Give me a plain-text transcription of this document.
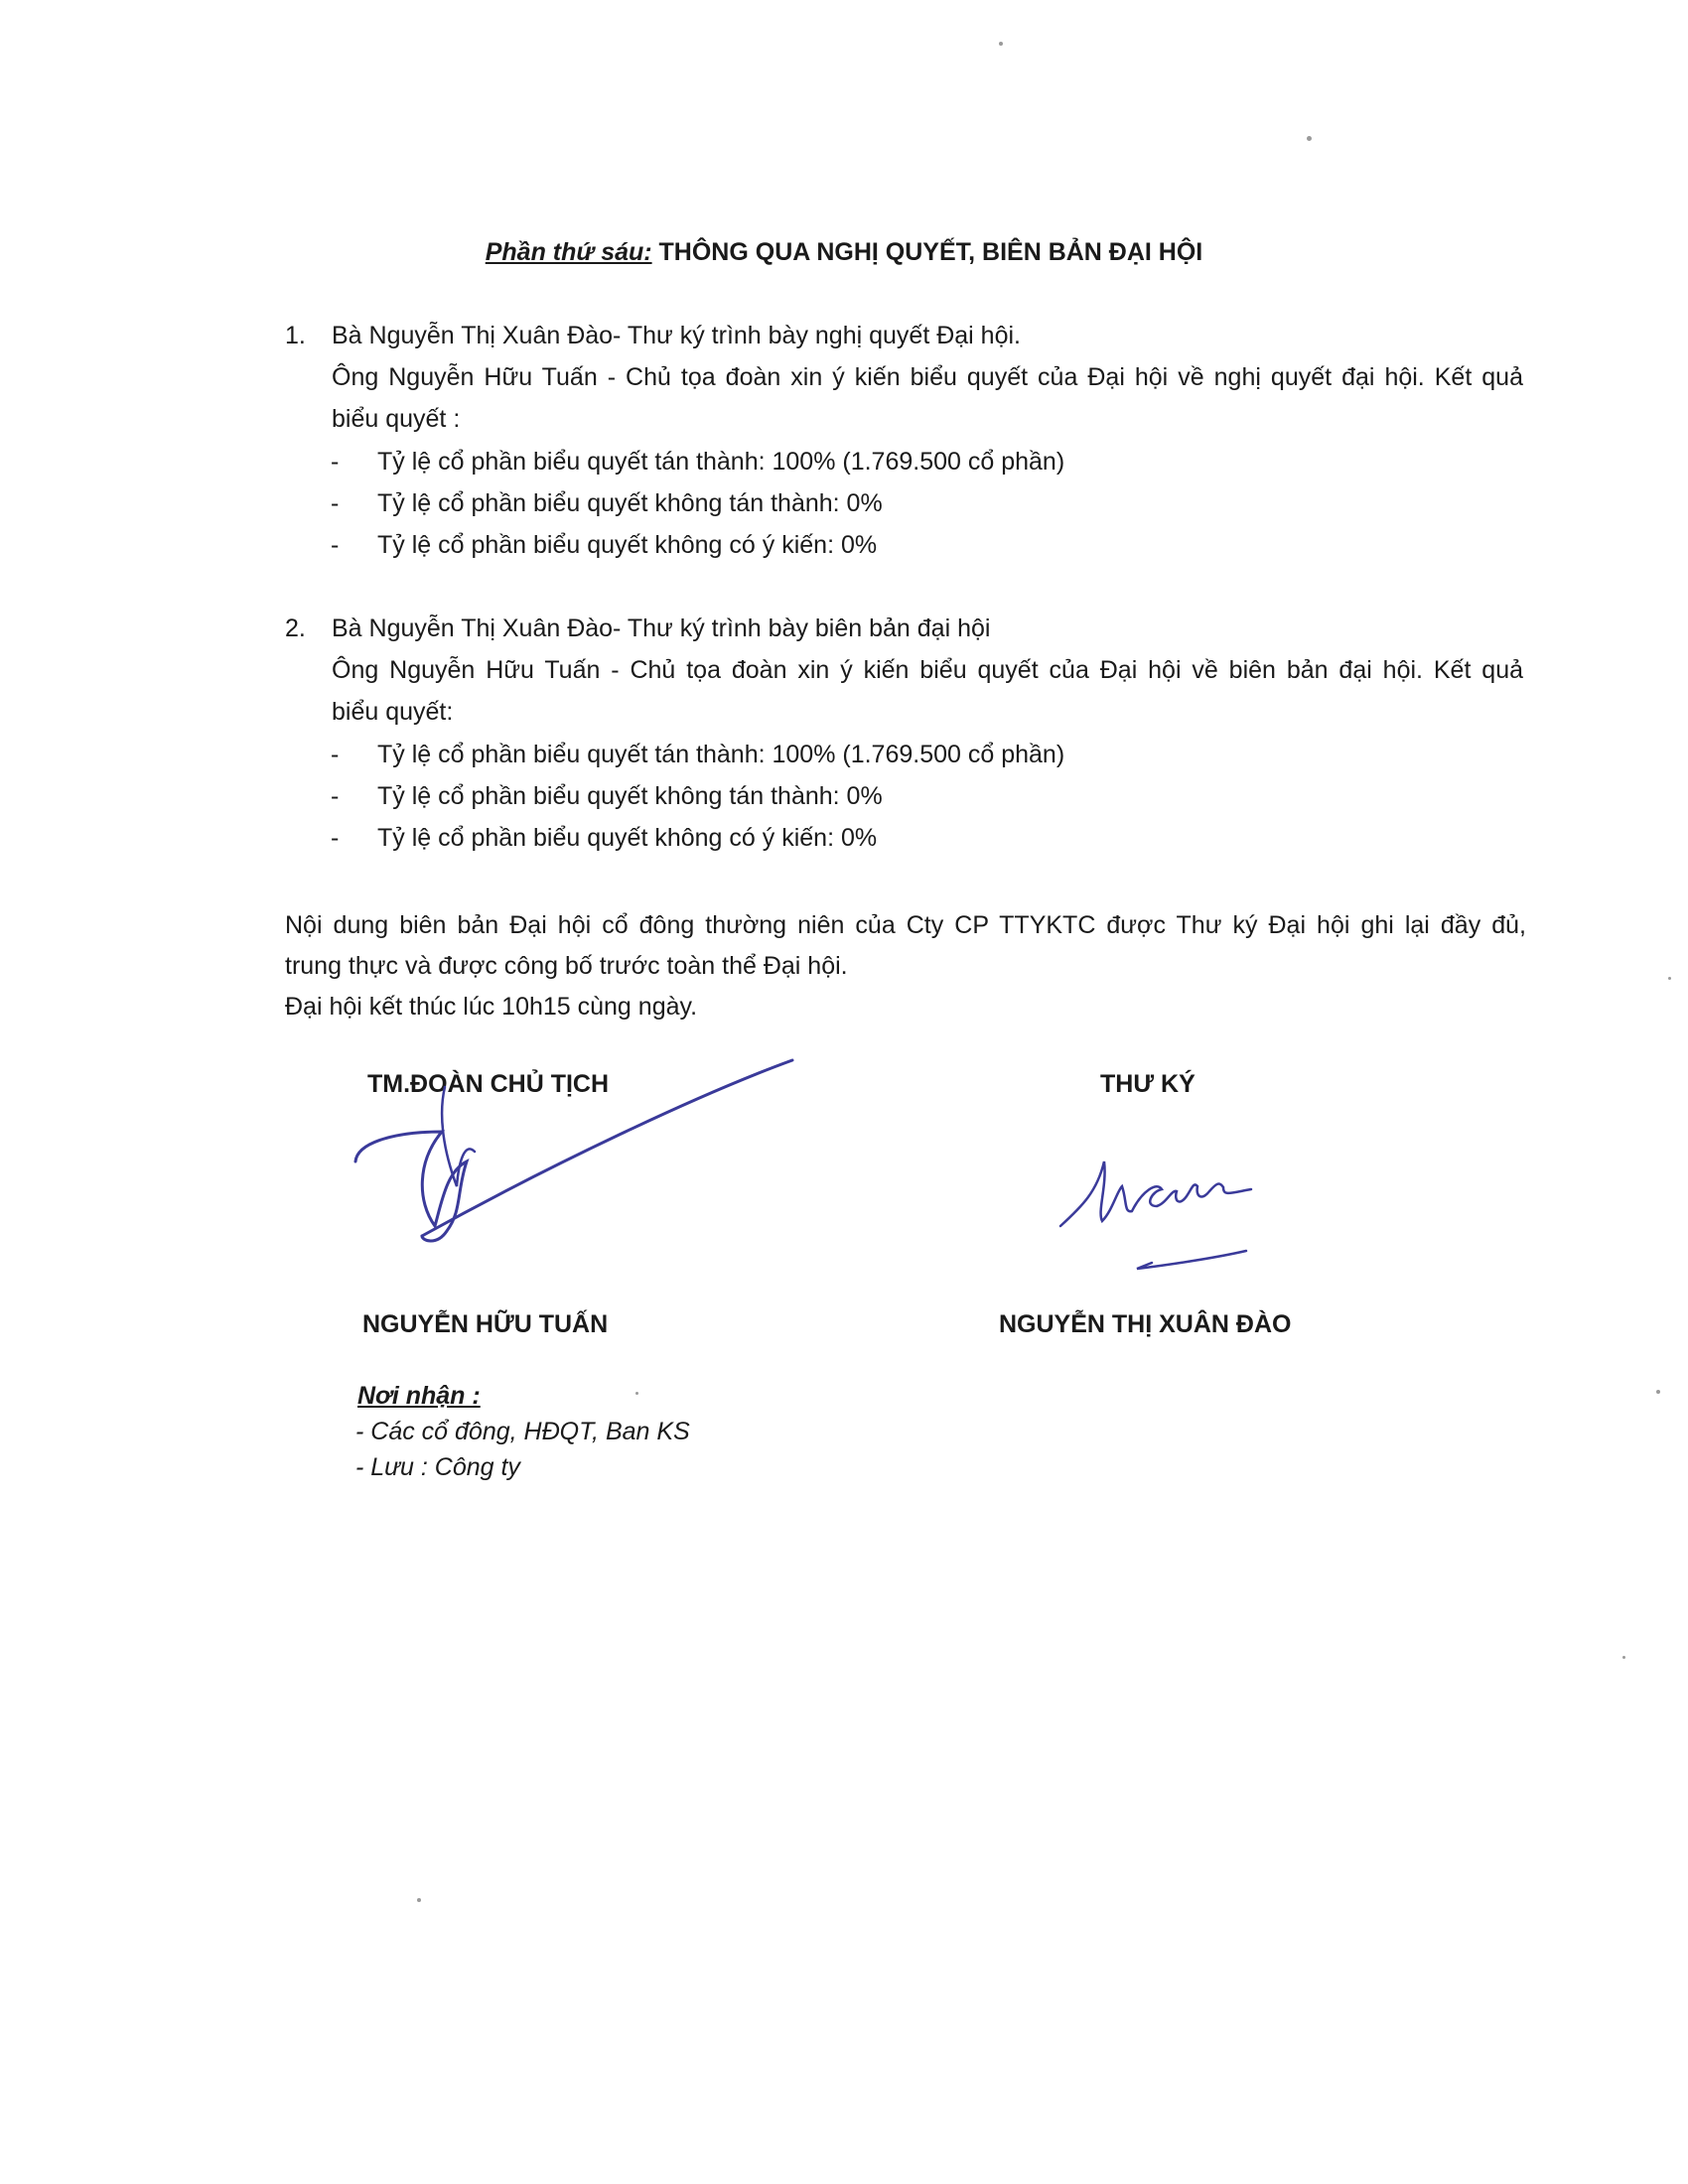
Phần thứ sáu: THÔNG QUA NGHỊ QUYẾT, BIÊN BẢN ĐẠI HỘI
1. Bà Nguyễn Thị Xuân Đào- Thư ký trình bày nghị quyết Đại hội.
Ông Nguyễn Hữu Tuấn - Chủ tọa đoàn xin ý kiến biểu quyết của Đại hội về nghị quyết đại hội. Kết quả
biểu quyết :
- Tỷ lệ cổ phần biểu quyết tán thành: 100% (1.769.500 cổ phần)
- Tỷ lệ cổ phần biểu quyết không tán thành: 0%
- Tỷ lệ cổ phần biểu quyết không có ý kiến: 0%
2. Bà Nguyễn Thị Xuân Đào- Thư ký trình bày biên bản đại hội
Ông Nguyễn Hữu Tuấn - Chủ tọa đoàn xin ý kiến biểu quyết của Đại hội về biên bản đại hội. Kết quả
biểu quyết:
- Tỷ lệ cổ phần biểu quyết tán thành: 100% (1.769.500 cổ phần)
- Tỷ lệ cổ phần biểu quyết không tán thành: 0%
- Tỷ lệ cổ phần biểu quyết không có ý kiến: 0%
Nội dung biên bản Đại hội cổ đông thường niên của Cty CP TTYKTC được Thư ký Đại hội ghi lại đầy đủ,
trung thực và được công bố trước toàn thể Đại hội.
Đại hội kết thúc lúc 10h15 cùng ngày.
TM.ĐOÀN CHỦ TỊCH	THƯ KÝ
NGUYỄN HỮU TUẤN	NGUYỄN THỊ XUÂN ĐÀO
Nơi nhận :
- Các cổ đông, HĐQT, Ban KS
- Lưu : Công ty
